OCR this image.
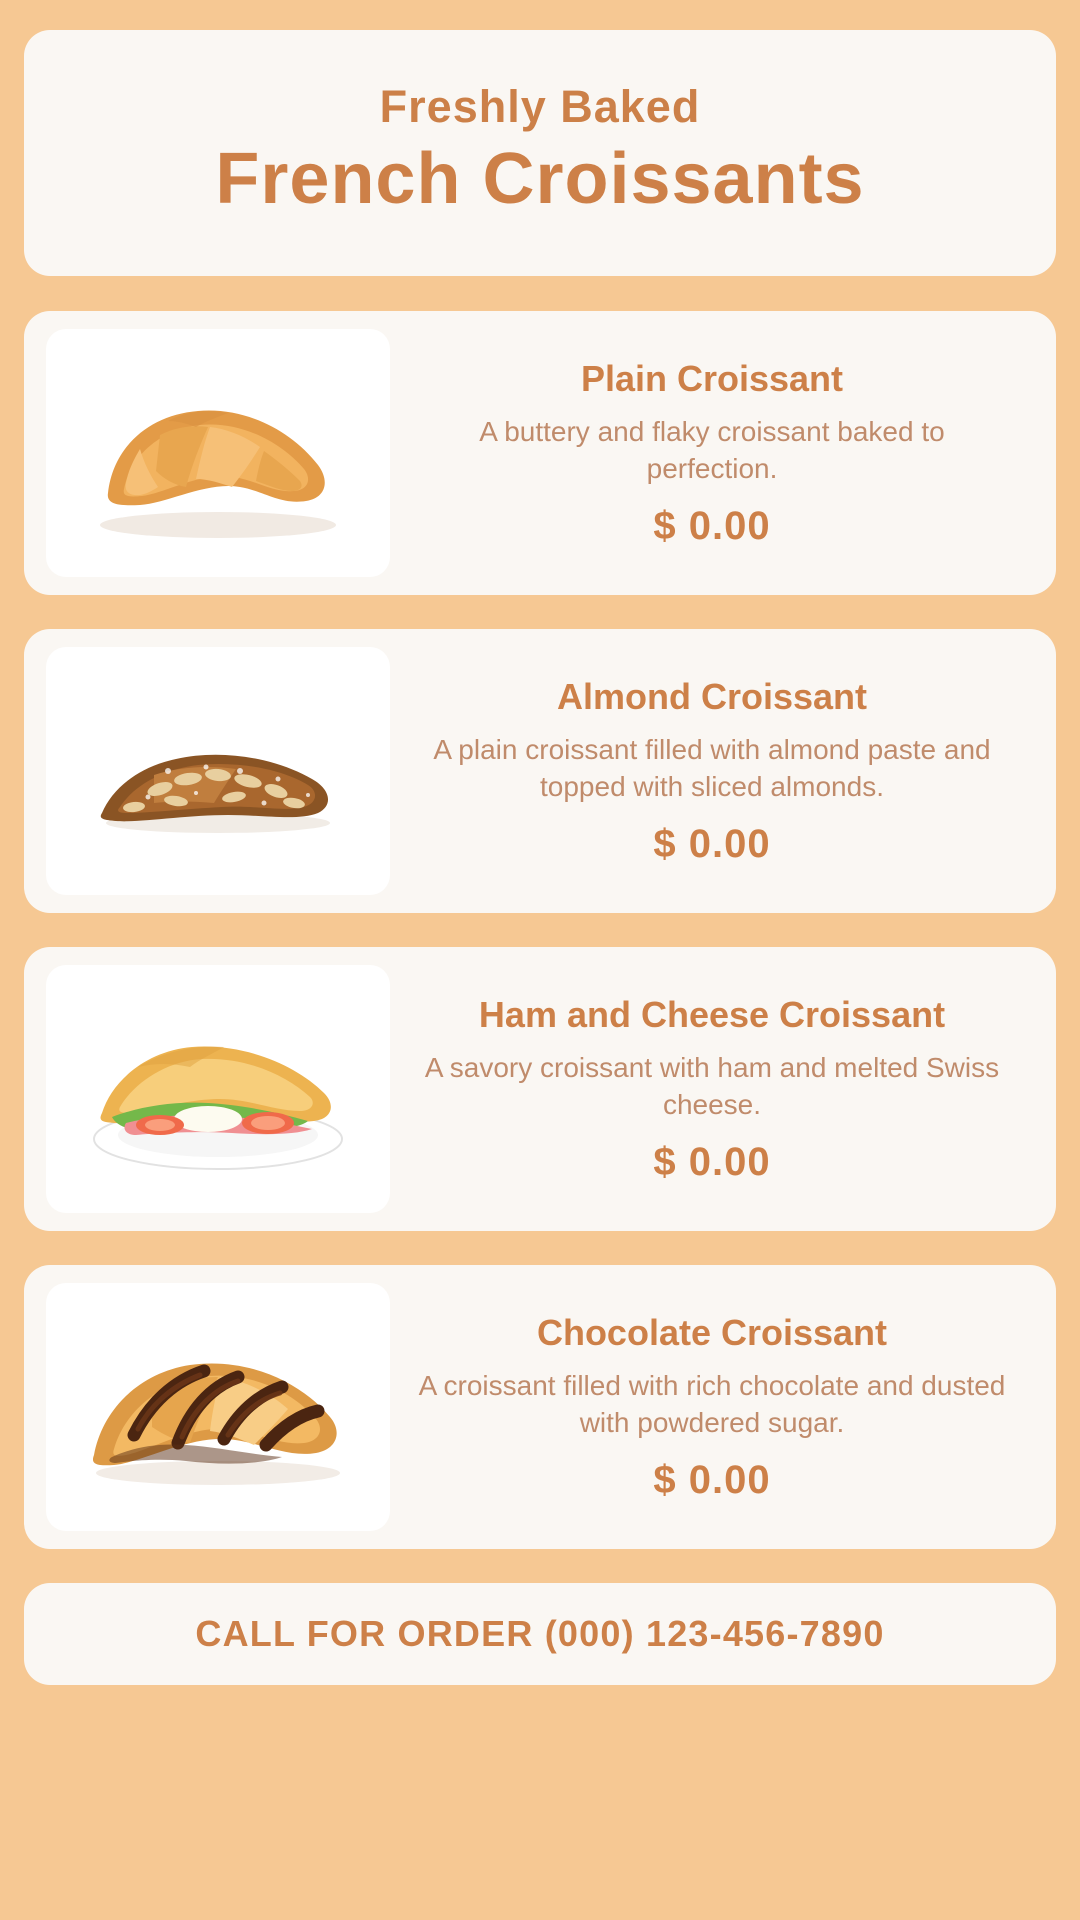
Freshly Baked
French Croissants
Plain Croissant
A buttery and flaky croissant baked to perfection.
$ 0.00
Almond Croissant
A plain croissant filled with almond paste and topped with sliced almonds.
$ 0.00
Ham and Cheese Croissant
A savory croissant with ham and melted Swiss cheese.
$ 0.00
Chocolate Croissant
A croissant filled with rich chocolate and dusted with powdered sugar.
$ 0.00
CALL FOR ORDER (000) 123-456-7890
